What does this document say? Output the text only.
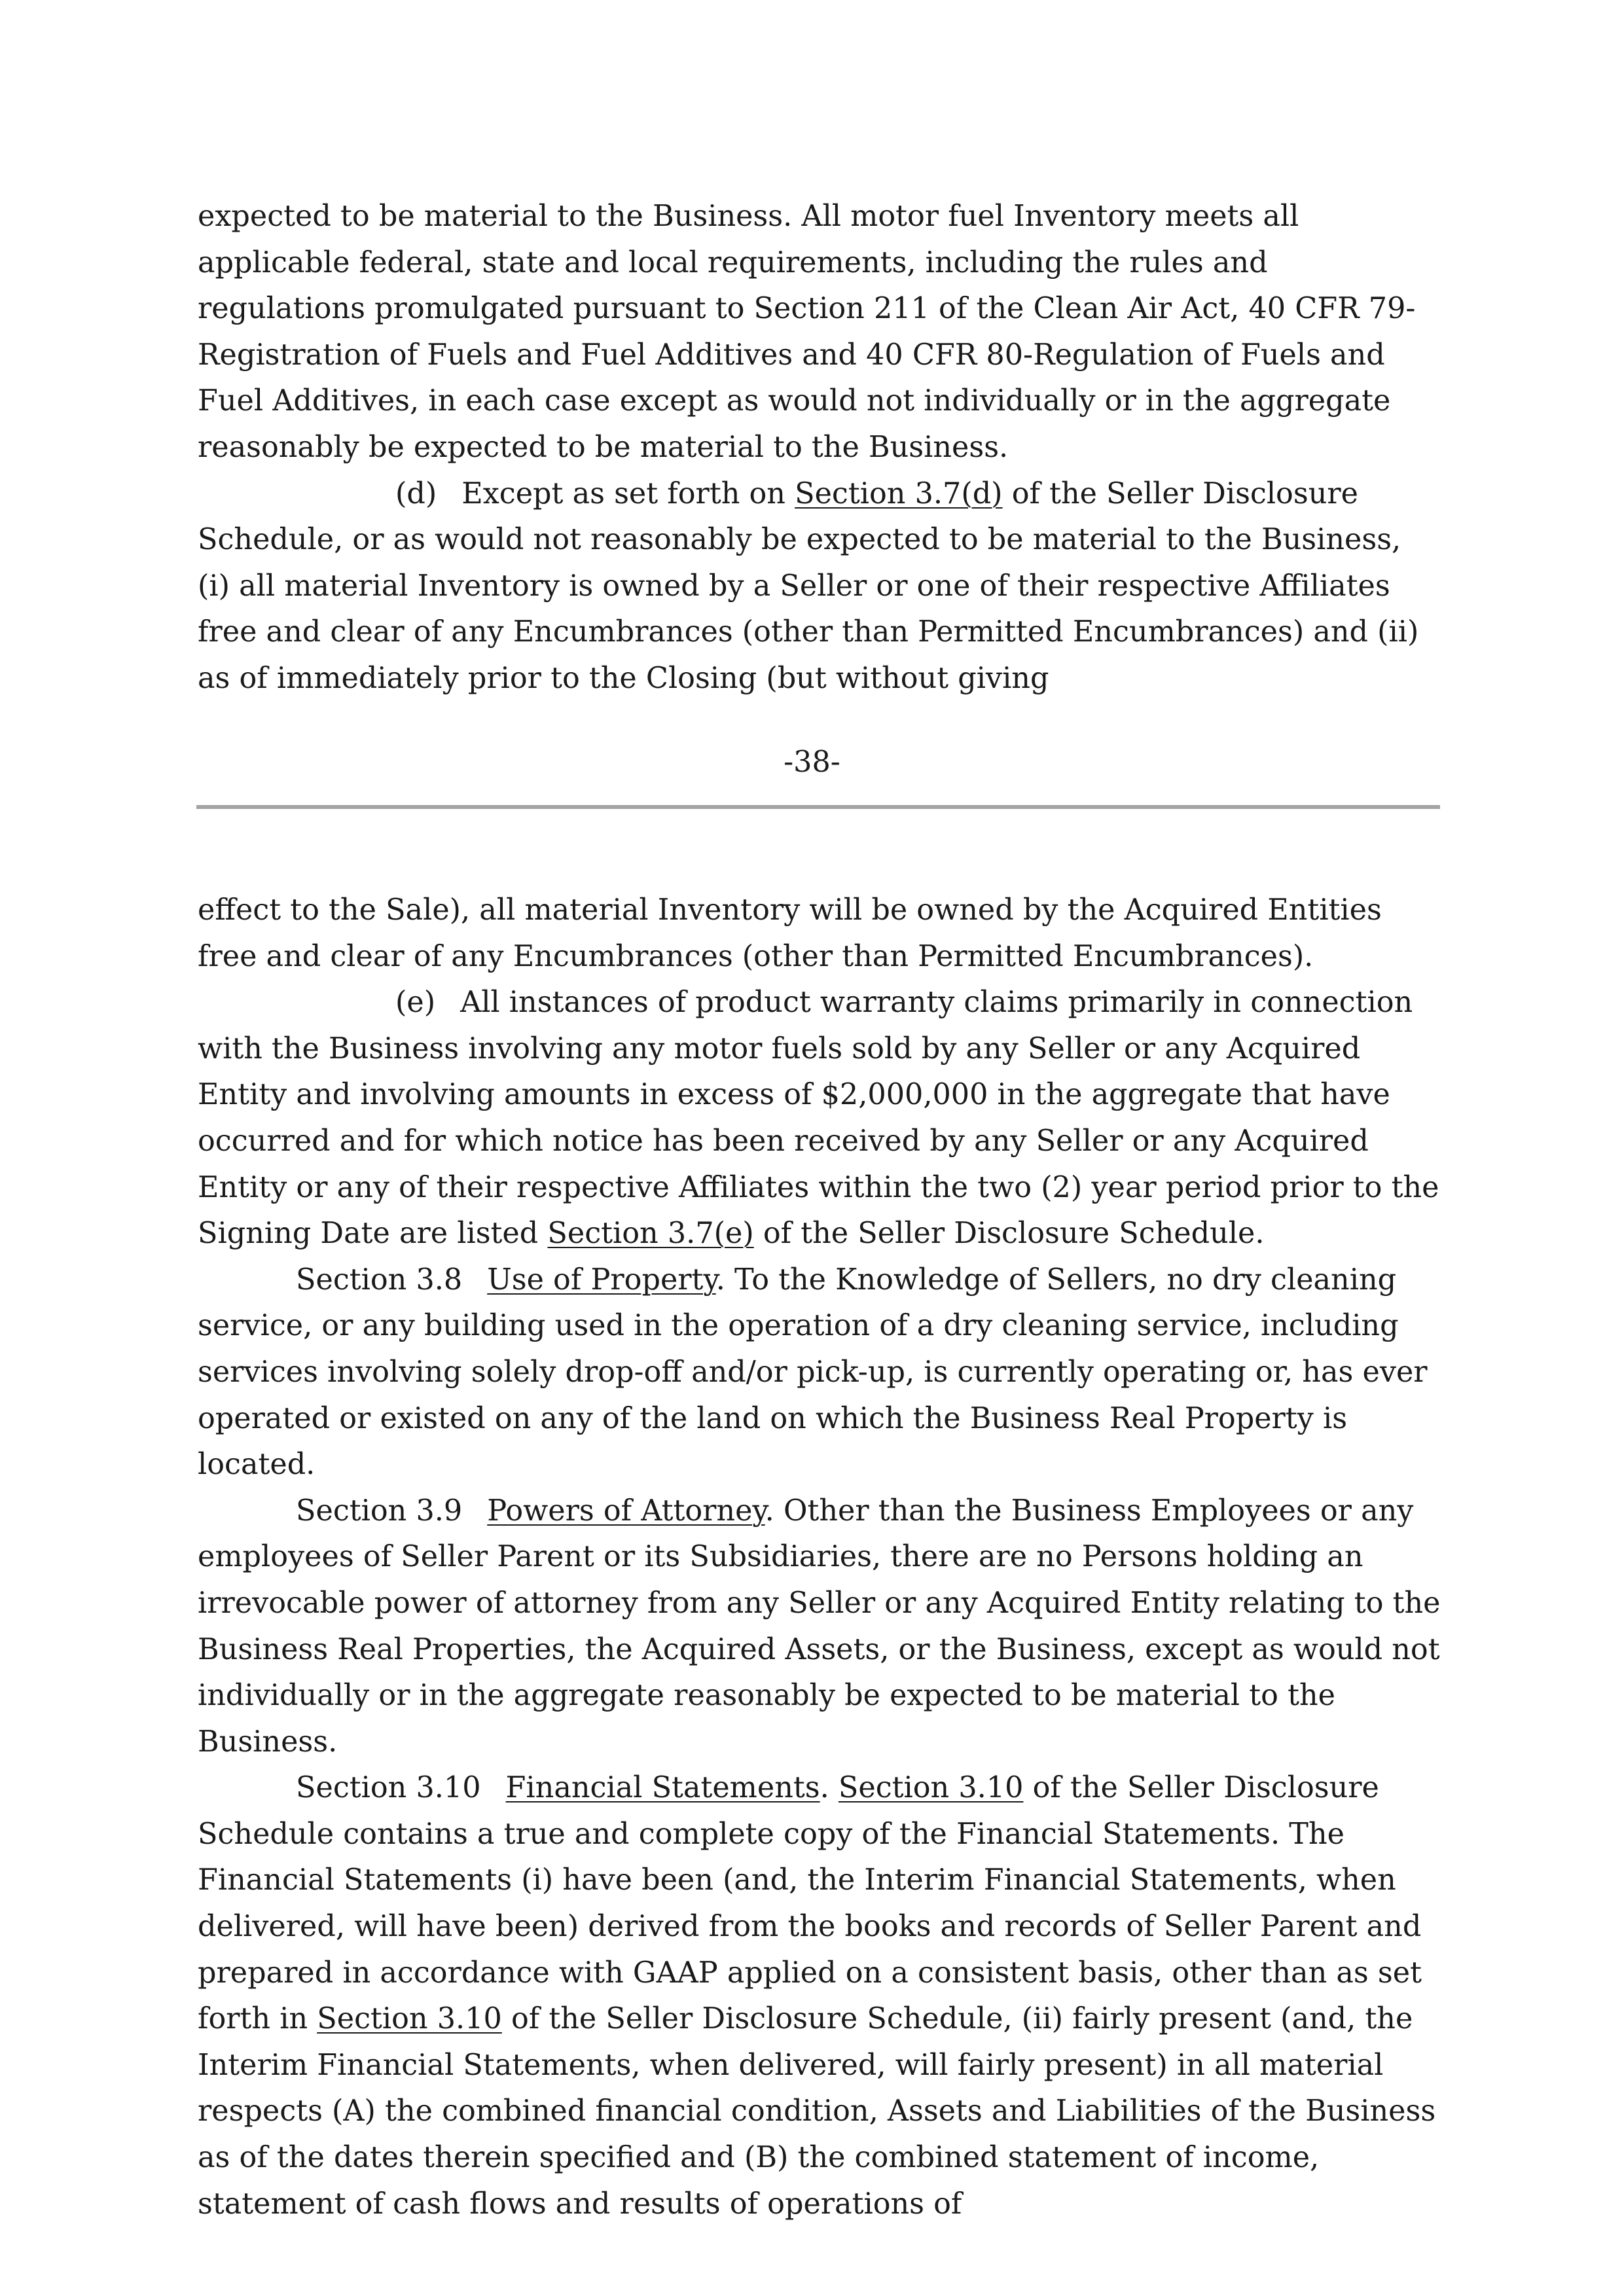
expected to be material to the Business. All motor fuel Inventory meets all applicable federal, state and local requirements, including the rules and regulations promulgated pursuant to Section 211 of the Clean Air Act, 40 CFR 79-Registration of Fuels and Fuel Additives and 40 CFR 80-Regulation of Fuels and Fuel Additives, in each case except as would not individually or in the aggregate reasonably be expected to be material to the Business.

(d) Except as set forth on Section 3.7(d) of the Seller Disclosure Schedule, or as would not reasonably be expected to be material to the Business, (i) all material Inventory is owned by a Seller or one of their respective Affiliates free and clear of any Encumbrances (other than Permitted Encumbrances) and (ii) as of immediately prior to the Closing (but without giving

-38-

effect to the Sale), all material Inventory will be owned by the Acquired Entities free and clear of any Encumbrances (other than Permitted Encumbrances).

(e) All instances of product warranty claims primarily in connection with the Business involving any motor fuels sold by any Seller or any Acquired Entity and involving amounts in excess of $2,000,000 in the aggregate that have occurred and for which notice has been received by any Seller or any Acquired Entity or any of their respective Affiliates within the two (2) year period prior to the Signing Date are listed Section 3.7(e) of the Seller Disclosure Schedule.

Section 3.8 Use of Property. To the Knowledge of Sellers, no dry cleaning service, or any building used in the operation of a dry cleaning service, including services involving solely drop-off and/or pick-up, is currently operating or, has ever operated or existed on any of the land on which the Business Real Property is located.

Section 3.9 Powers of Attorney. Other than the Business Employees or any employees of Seller Parent or its Subsidiaries, there are no Persons holding an irrevocable power of attorney from any Seller or any Acquired Entity relating to the Business Real Properties, the Acquired Assets, or the Business, except as would not individually or in the aggregate reasonably be expected to be material to the Business.

Section 3.10 Financial Statements. Section 3.10 of the Seller Disclosure Schedule contains a true and complete copy of the Financial Statements. The Financial Statements (i) have been (and, the Interim Financial Statements, when delivered, will have been) derived from the books and records of Seller Parent and prepared in accordance with GAAP applied on a consistent basis, other than as set forth in Section 3.10 of the Seller Disclosure Schedule, (ii) fairly present (and, the Interim Financial Statements, when delivered, will fairly present) in all material respects (A) the combined financial condition, Assets and Liabilities of the Business as of the dates therein specified and (B) the combined statement of income, statement of cash flows and results of operations of
